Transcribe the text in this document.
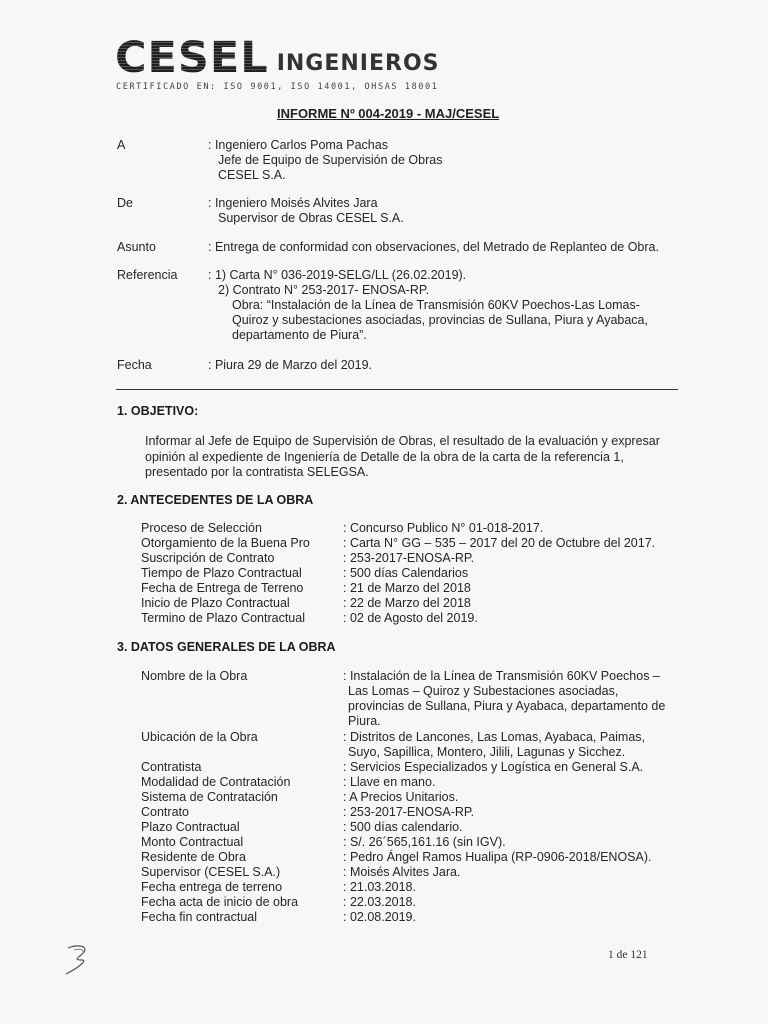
CESEL INGENIEROS
CERTIFICADO EN: ISO 9001, ISO 14001, OHSAS 18001
INFORME Nº 004-2019 - MAJ/CESEL
A	: Ingeniero Carlos Poma Pachas
Jefe de Equipo de Supervisión de Obras
CESEL S.A.
De	: Ingeniero Moisés Alvites Jara
Supervisor de Obras CESEL S.A.
Asunto	: Entrega de conformidad con observaciones, del Metrado de Replanteo de Obra.
Referencia : 1) Carta N° 036-2019-SELG/LL (26.02.2019).
2) Contrato N° 253-2017- ENOSA-RP.
Obra: “Instalación de la Línea de Transmisión 60KV Poechos-Las Lomas-
Quiroz y subestaciones asociadas, provincias de Sullana, Piura y Ayabaca,
departamento de Piura”.
Fecha	: Piura 29 de Marzo del 2019.
1. OBJETIVO:
Informar al Jefe de Equipo de Supervisión de Obras, el resultado de la evaluación y expresar
opinión al expediente de Ingeniería de Detalle de la obra de la carta de la referencia 1,
presentado por la contratista SELEGSA.
2. ANTECEDENTES DE LA OBRA
Proceso de Selección	: Concurso Publico N° 01-018-2017.
Otorgamiento de la Buena Pro	: Carta N° GG – 535 – 2017 del 20 de Octubre del 2017.
Suscripción de Contrato	: 253-2017-ENOSA-RP.
Tiempo de Plazo Contractual	: 500 días Calendarios
Fecha de Entrega de Terreno	: 21 de Marzo del 2018
Inicio de Plazo Contractual	: 22 de Marzo del 2018
Termino de Plazo Contractual	: 02 de Agosto del 2019.
3. DATOS GENERALES DE LA OBRA
Nombre de la Obra	: Instalación de la Línea de Transmisión 60KV Poechos –
Las Lomas – Quiroz y Subestaciones asociadas,
provincias de Sullana, Piura y Ayabaca, departamento de
Piura.
Ubicación de la Obra	: Distritos de Lancones, Las Lomas, Ayabaca, Paimas,
Suyo, Sapillica, Montero, Jilili, Lagunas y Sicchez.
Contratista	: Servicios Especializados y Logística en General S.A.
Modalidad de Contratación	: Llave en mano.
Sistema de Contratación	: A Precios Unitarios.
Contrato	: 253-2017-ENOSA-RP.
Plazo Contractual	: 500 días calendario.
Monto Contractual	: S/. 26´565,161.16 (sin IGV).
Residente de Obra	: Pedro Ángel Ramos Hualipa (RP-0906-2018/ENOSA).
Supervisor (CESEL S.A.)	: Moisés Alvites Jara.
Fecha entrega de terreno	: 21.03.2018.
Fecha acta de inicio de obra	: 22.03.2018.
Fecha fin contractual	: 02.08.2019.
1 de 121
